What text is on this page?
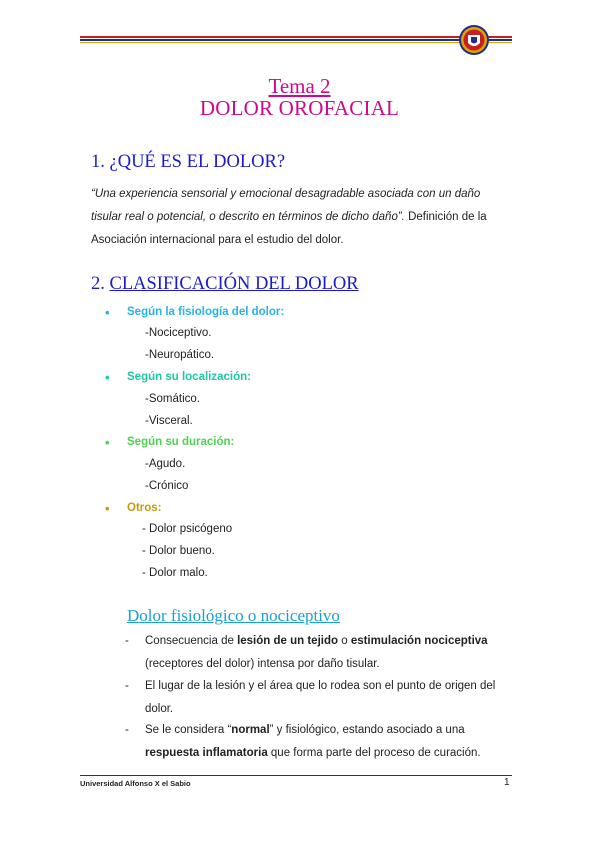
Tema 2
DOLOR OROFACIAL
1. ¿QUÉ ES EL DOLOR?
“Una experiencia sensorial y emocional desagradable asociada con un daño
tisular real o potencial, o descrito en términos de dicho daño”. Definición de la
Asociación internacional para el estudio del dolor.
2. CLASIFICACIÓN DEL DOLOR
• Según la fisiología del dolor:
-Nociceptivo.
-Neuropático.
• Según su localización:
-Somático.
-Visceral.
• Según su duración:
-Agudo.
-Crónico
• Otros:
- Dolor psicógeno
- Dolor bueno.
- Dolor malo.
Dolor fisiológico o nociceptivo
- Consecuencia de lesión de un tejido o estimulación nociceptiva
(receptores del dolor) intensa por daño tisular.
- El lugar de la lesión y el área que lo rodea son el punto de origen del
dolor.
- Se le considera “normal” y fisiológico, estando asociado a una
respuesta inflamatoria que forma parte del proceso de curación.
Universidad Alfonso X el Sabio	1
